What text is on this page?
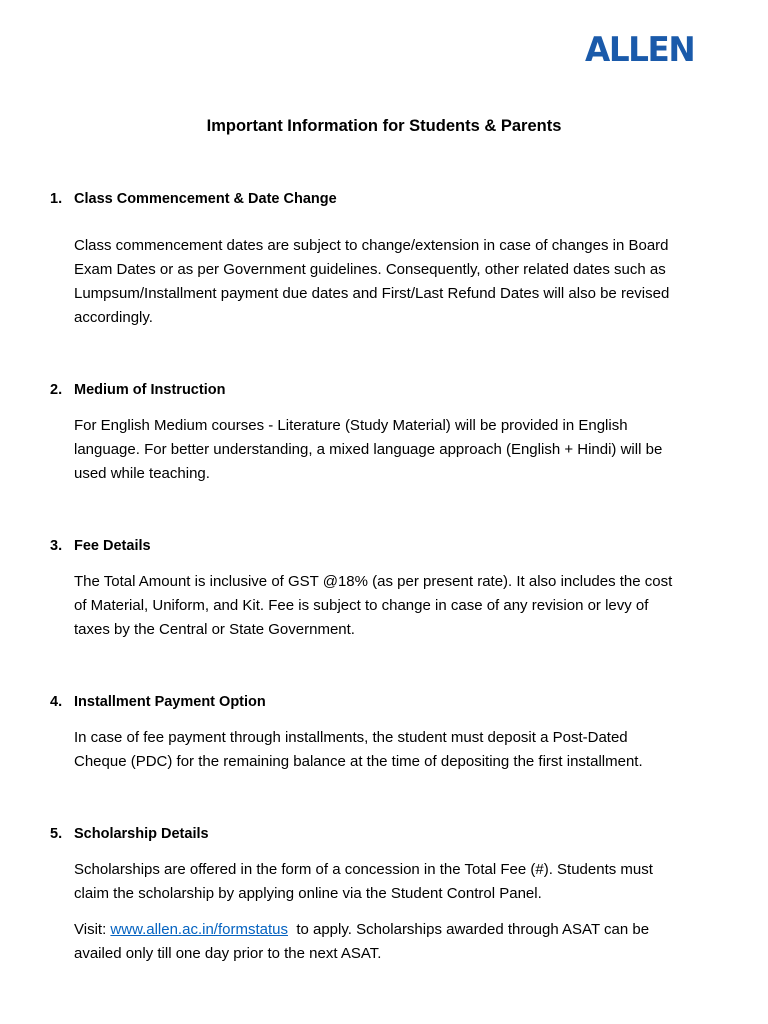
ALLEN
Important Information for Students & Parents
1. Class Commencement & Date Change
Class commencement dates are subject to change/extension in case of changes in Board
Exam Dates or as per Government guidelines. Consequently, other related dates such as
Lumpsum/Installment payment due dates and First/Last Refund Dates will also be revised
accordingly.
2. Medium of Instruction
For English Medium courses - Literature (Study Material) will be provided in English
language. For better understanding, a mixed language approach (English + Hindi) will be
used while teaching.
3. Fee Details
The Total Amount is inclusive of GST @18% (as per present rate). It also includes the cost
of Material, Uniform, and Kit. Fee is subject to change in case of any revision or levy of
taxes by the Central or State Government.
4. Installment Payment Option
In case of fee payment through installments, the student must deposit a Post-Dated
Cheque (PDC) for the remaining balance at the time of depositing the first installment.
5. Scholarship Details
Scholarships are offered in the form of a concession in the Total Fee (#). Students must
claim the scholarship by applying online via the Student Control Panel.
Visit: www.allen.ac.in/formstatus  to apply. Scholarships awarded through ASAT can be
availed only till one day prior to the next ASAT.
